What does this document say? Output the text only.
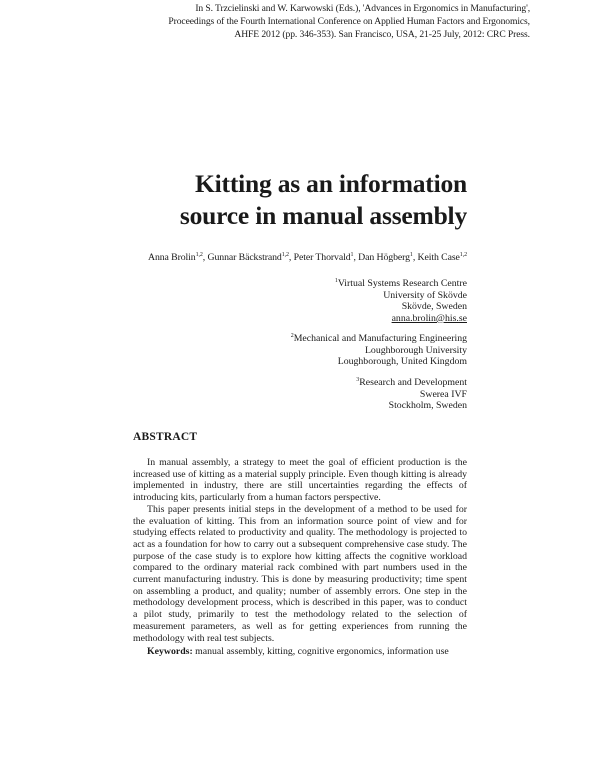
In S. Trzcielinski and W. Karwowski (Eds.), 'Advances in Ergonomics in Manufacturing',
Proceedings of the Fourth International Conference on Applied Human Factors and Ergonomics,
AHFE 2012 (pp. 346-353). San Francisco, USA, 21-25 July, 2012: CRC Press.
Kitting as an information
source in manual assembly
Anna Brolin$^{1,2}$, Gunnar Bäckstrand$^{1,2}$, Peter Thorvald$^1$, Dan Högberg$^1$, Keith Case$^{1,2}$
$^1$Virtual Systems Research Centre
University of Skövde
Skövde, Sweden
anna.brolin@his.se
$^2$Mechanical and Manufacturing Engineering
Loughborough University
Loughborough, United Kingdom
$^3$Research and Development
Swerea IVF
Stockholm, Sweden
ABSTRACT

In manual assembly, a strategy to meet the goal of efficient production is the increased use of kitting as a material supply principle. Even though kitting is already implemented in industry, there are still uncertainties regarding the effects of introducing kits, particularly from a human factors perspective.

This paper presents initial steps in the development of a method to be used for the evaluation of kitting. This from an information source point of view and for studying effects related to productivity and quality. The methodology is projected to act as a foundation for how to carry out a subsequent comprehensive case study. The purpose of the case study is to explore how kitting affects the cognitive workload compared to the ordinary material rack combined with part numbers used in the current manufacturing industry. This is done by measuring productivity; time spent on assembling a product, and quality; number of assembly errors. One step in the methodology development process, which is described in this paper, was to conduct a pilot study, primarily to test the methodology related to the selection of measurement parameters, as well as for getting experiences from running the methodology with real test subjects.

Keywords: manual assembly, kitting, cognitive ergonomics, information use
